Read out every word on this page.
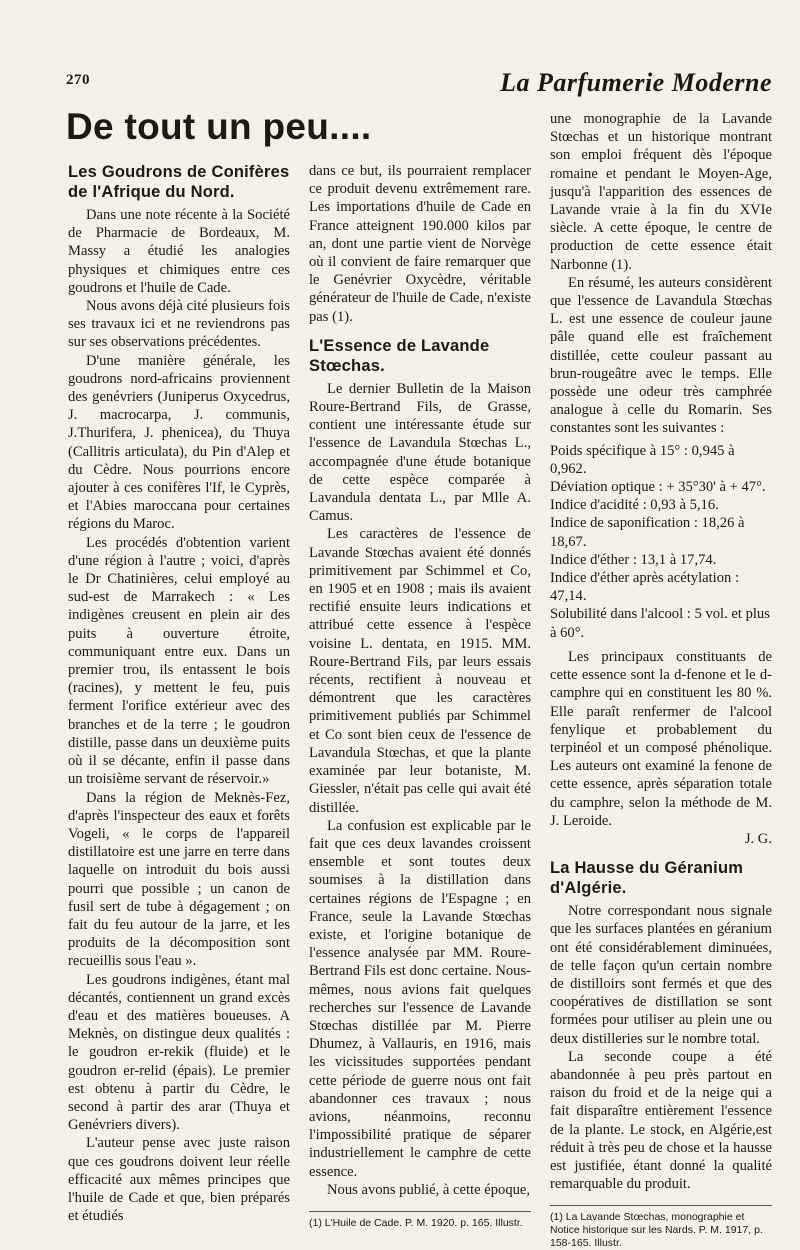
270	La Parfumerie Moderne
De tout un peu....
Les Goudrons de Conifères de l'Afrique du Nord.

Dans une note récente à la Société de Pharmacie de Bordeaux, M. Massy a étudié les analogies physiques et chimiques entre ces goudrons et l'huile de Cade.

Nous avons déjà cité plusieurs fois ses travaux ici et ne reviendrons pas sur ses observations précédentes.

D'une manière générale, les goudrons nord-africains proviennent des genévriers (Juniperus Oxycedrus, J. macrocarpa, J. communis, J.Thurifera, J. phenicea), du Thuya (Callitris articulata), du Pin d'Alep et du Cèdre. Nous pourrions encore ajouter à ces conifères l'If, le Cyprès, et l'Abies maroccana pour certaines régions du Maroc.

Les procédés d'obtention varient d'une région à l'autre ; voici, d'après le Dr Chatinières, celui employé au sud-est de Marrakech : « Les indigènes creusent en plein air des puits à ouverture étroite, communiquant entre eux. Dans un premier trou, ils entassent le bois (racines), y mettent le feu, puis ferment l'orifice extérieur avec des branches et de la terre ; le goudron distille, passe dans un deuxième puits où il se décante, enfin il passe dans un troisième servant de réservoir.»

Dans la région de Meknès-Fez, d'après l'inspecteur des eaux et forêts Vogeli, « le corps de l'appareil distillatoire est une jarre en terre dans laquelle on introduit du bois aussi pourri que possible ; un canon de fusil sert de tube à dégagement ; on fait du feu autour de la jarre, et les produits de la décomposition sont recueillis sous l'eau ».

Les goudrons indigènes, étant mal décantés, contiennent un grand excès d'eau et des matières boueuses. A Meknès, on distingue deux qualités : le goudron er-rekik (fluide) et le goudron er-relid (épais). Le premier est obtenu à partir du Cèdre, le second à partir des arar (Thuya et Genévriers divers).

L'auteur pense avec juste raison que ces goudrons doivent leur réelle efficacité aux mêmes principes que l'huile de Cade et que, bien préparés et étudiés

dans ce but, ils pourraient remplacer ce produit devenu extrêmement rare. Les importations d'huile de Cade en France atteignent 190.000 kilos par an, dont une partie vient de Norvège où il convient de faire remarquer que le Genévrier Oxycèdre, véritable générateur de l'huile de Cade, n'existe pas (1).

L'Essence de Lavande Stœchas.

Le dernier Bulletin de la Maison Roure-Bertrand Fils, de Grasse, contient une intéressante étude sur l'essence de Lavandula Stœchas L., accompagnée d'une étude botanique de cette espèce comparée à Lavandula dentata L., par Mlle A. Camus.

Les caractères de l'essence de Lavande Stœchas avaient été donnés primitivement par Schimmel et Co, en 1905 et en 1908 ; mais ils avaient rectifié ensuite leurs indications et attribué cette essence à l'espèce voisine L. dentata, en 1915. MM. Roure-Bertrand Fils, par leurs essais récents, rectifient à nouveau et démontrent que les caractères primitivement publiés par Schimmel et Co sont bien ceux de l'essence de Lavandula Stœchas, et que la plante examinée par leur botaniste, M. Giessler, n'était pas celle qui avait été distillée.

La confusion est explicable par le fait que ces deux lavandes croissent ensemble et sont toutes deux soumises à la distillation dans certaines régions de l'Espagne ; en France, seule la Lavande Stœchas existe, et l'origine botanique de l'essence analysée par MM. Roure-Bertrand Fils est donc certaine. Nous-mêmes, nous avions fait quelques recherches sur l'essence de Lavande Stœchas distillée par M. Pierre Dhumez, à Vallauris, en 1916, mais les vicissitudes supportées pendant cette période de guerre nous ont fait abandonner ces travaux ; nous avions, néanmoins, reconnu l'impossibilité pratique de séparer industriellement le camphre de cette essence.

Nous avons publié, à cette époque,

(1) L'Huile de Cade. P. M. 1920. p. 165. Illustr.

une monographie de la Lavande Stœchas et un historique montrant son emploi fréquent dès l'époque romaine et pendant le Moyen-Age, jusqu'à l'apparition des essences de Lavande vraie à la fin du XVIe siècle. A cette époque, le centre de production de cette essence était Narbonne (1).

En résumé, les auteurs considèrent que l'essence de Lavandula Stœchas L. est une essence de couleur jaune pâle quand elle est fraîchement distillée, cette couleur passant au brun-rougeâtre avec le temps. Elle possède une odeur très camphrée analogue à celle du Romarin. Ses constantes sont les suivantes :

Poids spécifique à 15° : 0,945 à 0,962.
Déviation optique : + 35°30' à + 47°.
Indice d'acidité : 0,93 à 5,16.
Indice de saponification : 18,26 à 18,67.
Indice d'éther : 13,1 à 17,74.
Indice d'éther après acétylation : 47,14.
Solubilité dans l'alcool : 5 vol. et plus à 60°.

Les principaux constituants de cette essence sont la d-fenone et le d-camphre qui en constituent les 80 %. Elle paraît renfermer de l'alcool fenylique et probablement du terpinéol et un composé phénolique. Les auteurs ont examiné la fenone de cette essence, après séparation totale du camphre, selon la méthode de M. J. Leroide.

J. G.

La Hausse du Géranium d'Algérie.

Notre correspondant nous signale que les surfaces plantées en géranium ont été considérablement diminuées, de telle façon qu'un certain nombre de distilloirs sont fermés et que des coopératives de distillation se sont formées pour utiliser au plein une ou deux distilleries sur le nombre total.

La seconde coupe a été abandonnée à peu près partout en raison du froid et de la neige qui a fait disparaître entièrement l'essence de la plante. Le stock, en Algérie,est réduit à très peu de chose et la hausse est justifiée, étant donné la qualité remarquable du produit.

(1) La Lavande Stœchas, monographie et Notice historique sur les Nards. P. M. 1917, p. 158-165. Illustr.
